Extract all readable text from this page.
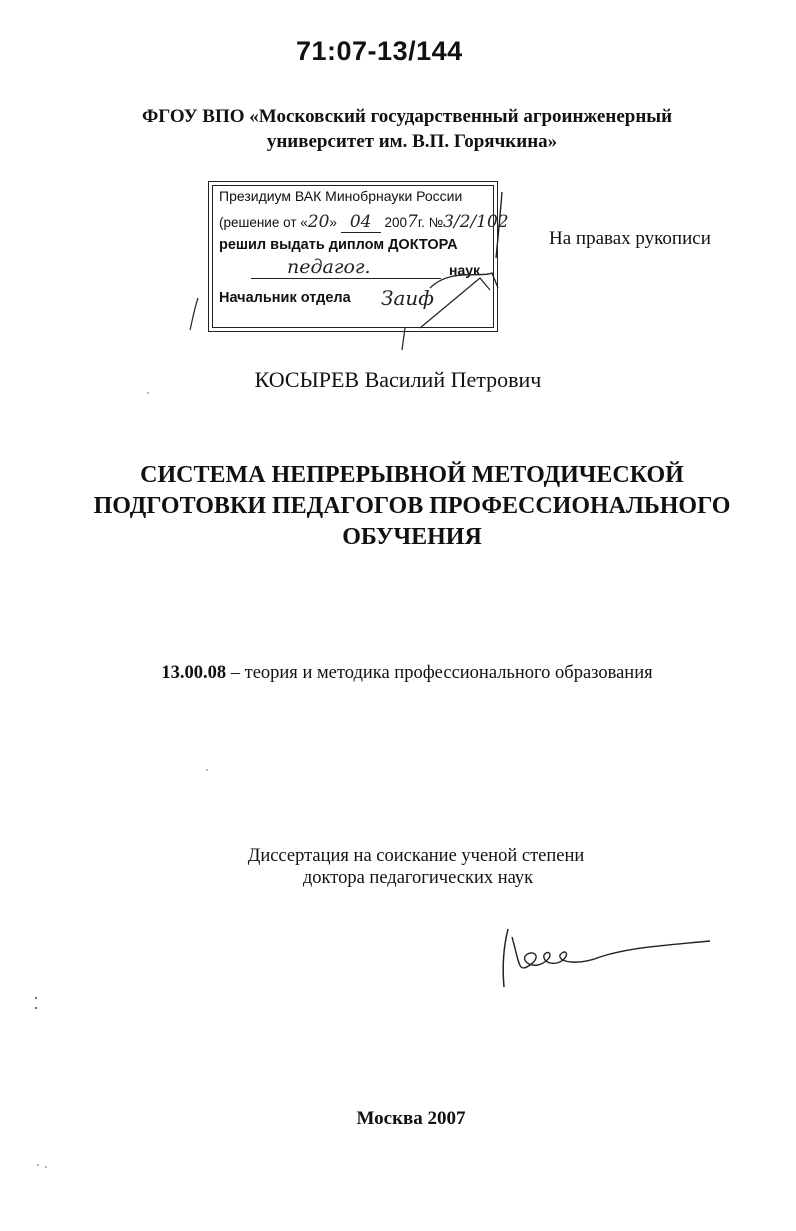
71:07-13/144
ФГОУ ВПО «Московский государственный агроинженерный
университет им. В.П. Горячкина»
Президиум ВАК Минобрнауки России
(решение от «20» 04 2007г. №3/2/102
решил выдать диплом ДОКТОРА
педагог.	наук
Начальник отдела Заиф
На правах рукописи
КОСЫРЕВ Василий Петрович
СИСТЕМА НЕПРЕРЫВНОЙ МЕТОДИЧЕСКОЙ
ПОДГОТОВКИ ПЕДАГОГОВ ПРОФЕССИОНАЛЬНОГО
ОБУЧЕНИЯ
13.00.08 – теория и методика профессионального образования
Диссертация на соискание ученой степени
доктора педагогических наук
Москва 2007
